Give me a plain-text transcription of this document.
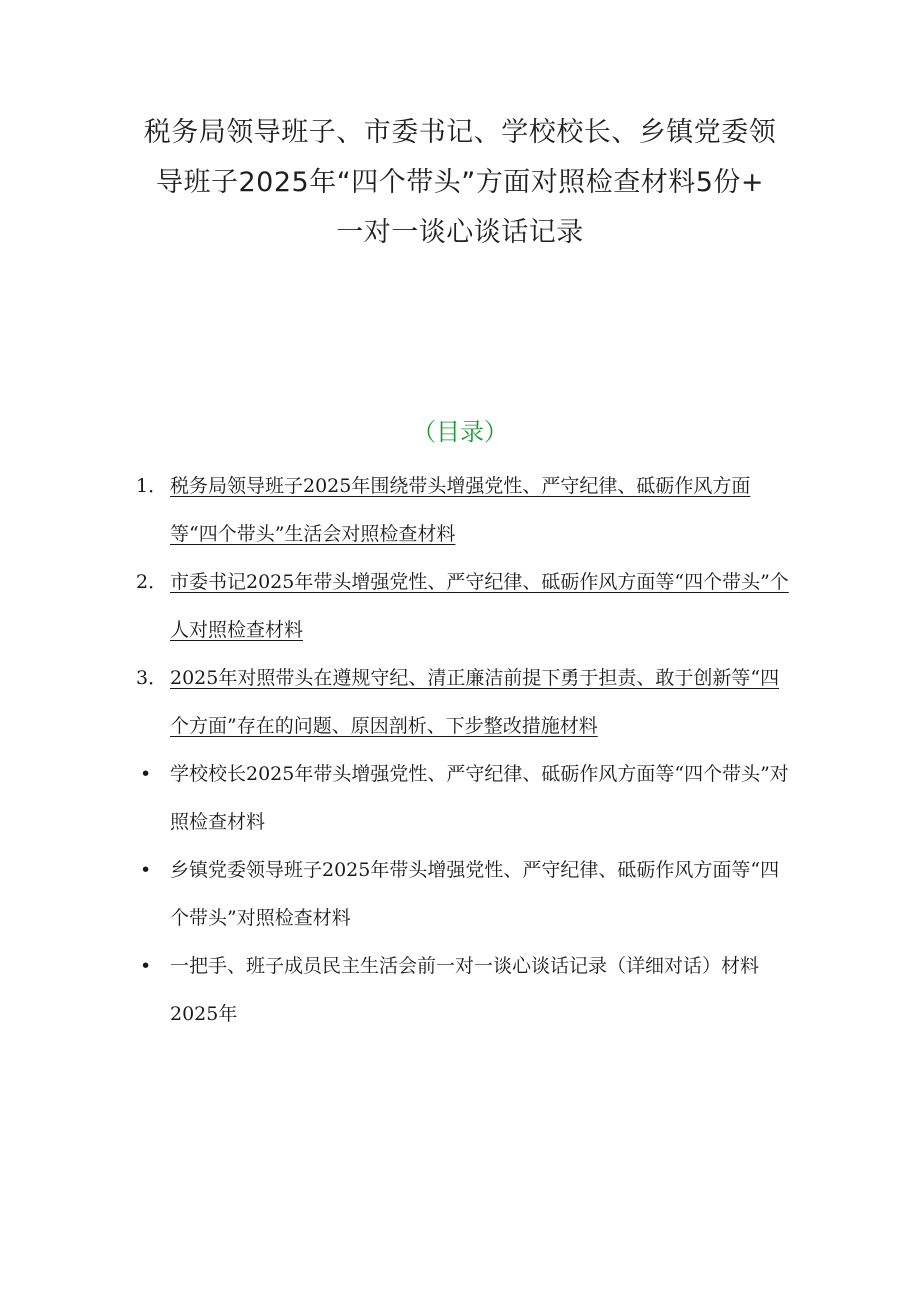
税务局领导班子、市委书记、学校校长、乡镇党委领
导班子2025年“四个带头”方面对照检查材料5份+
一对一谈心谈话记录
（目录）
1． 税务局领导班子2025年围绕带头增强党性、严守纪律、砥砺作风方面等“四个带头”生活会对照检查材料
2． 市委书记2025年带头增强党性、严守纪律、砥砺作风方面等“四个带头”个人对照检查材料
3． 2025年对照带头在遵规守纪、清正廉洁前提下勇于担责、敢于创新等“四个方面”存在的问题、原因剖析、下步整改措施材料
• 学校校长2025年带头增强党性、严守纪律、砥砺作风方面等“四个带头”对照检查材料
• 乡镇党委领导班子2025年带头增强党性、严守纪律、砥砺作风方面等“四个带头”对照检查材料
• 一把手、班子成员民主生活会前一对一谈心谈话记录（详细对话）材料2025年
